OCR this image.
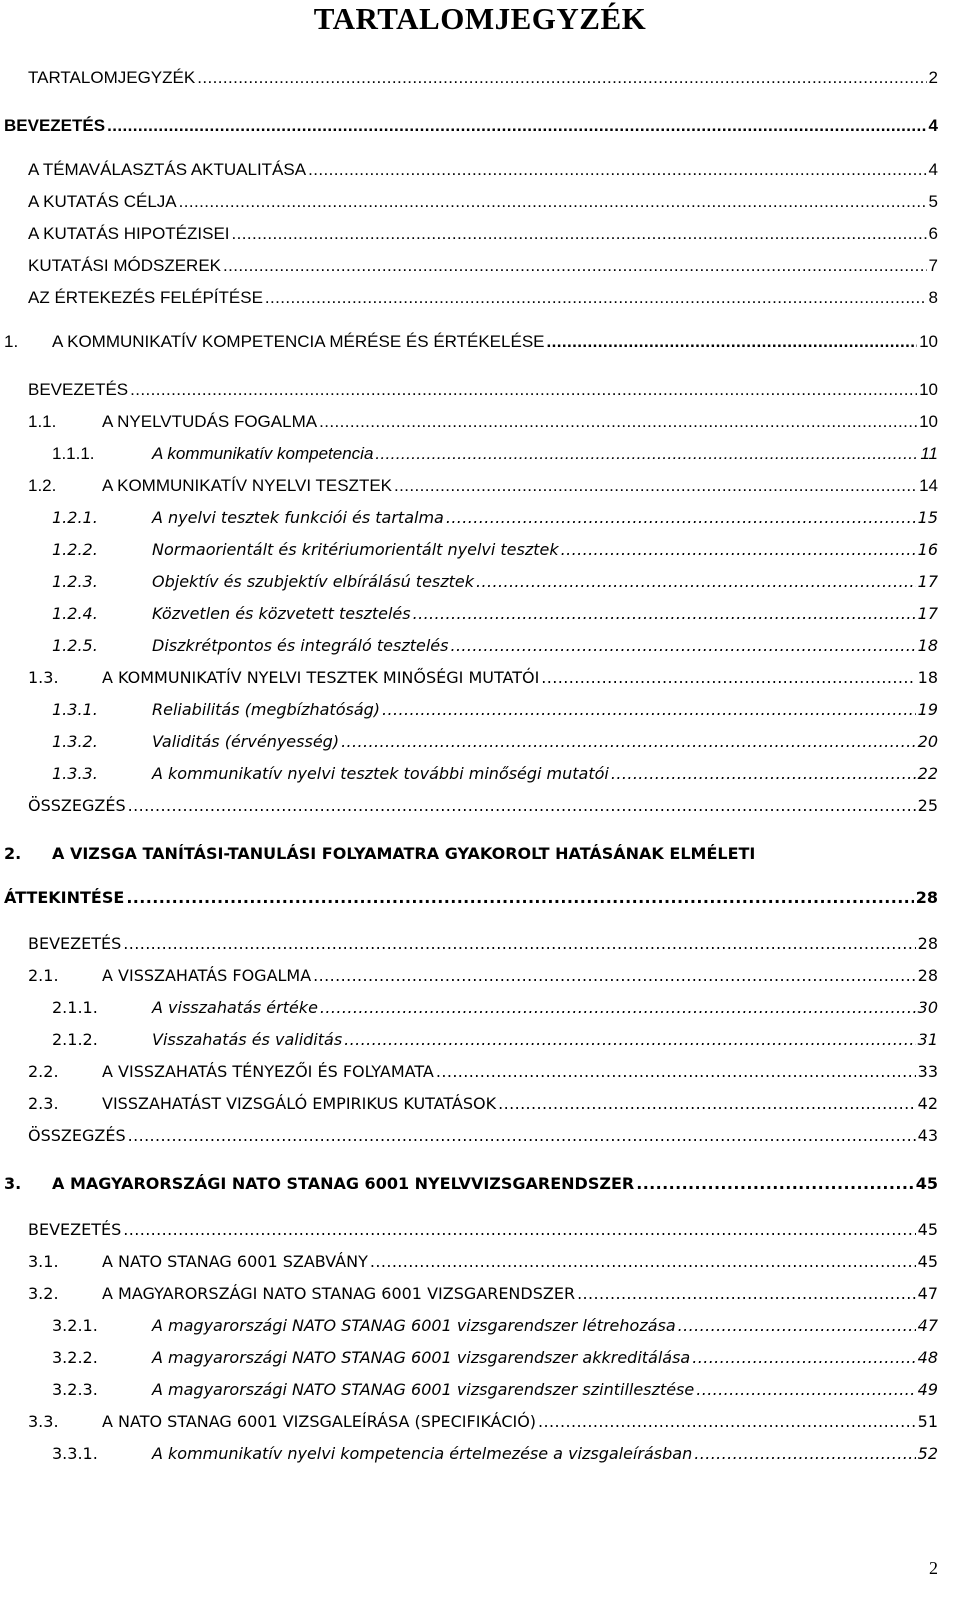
TARTALOMJEGYZÉK
TARTALOMJEGYZÉK .....	2
BEVEZETÉS .....	4
A TÉMAVÁLASZTÁS AKTUALITÁSA .....	4
A KUTATÁS CÉLJA .....	5
A KUTATÁS HIPOTÉZISEI .....	6
KUTATÁSI MÓDSZEREK .....	7
AZ ÉRTEKEZÉS FELÉPÍTÉSE .....	8
1.	A KOMMUNIKATÍV KOMPETENCIA MÉRÉSE ÉS ÉRTÉKELÉSE .....	10
BEVEZETÉS .....	10
1.1.	A NYELVTUDÁS FOGALMA .....	10
1.1.1.	A kommunikatív kompetencia .....	11
1.2.	A KOMMUNIKATÍV NYELVI TESZTEK .....	14
1.2.1.	A nyelvi tesztek funkciói és tartalma .....	15
1.2.2.	Normaorientált és kritériumorientált nyelvi tesztek .....	16
1.2.3.	Objektív és szubjektív elbírálású tesztek .....	17
1.2.4.	Közvetlen és közvetett tesztelés .....	17
1.2.5.	Diszkrétpontos és integráló tesztelés .....	18
1.3.	A KOMMUNIKATÍV NYELVI TESZTEK MINŐSÉGI MUTATÓI .....	18
1.3.1.	Reliabilitás (megbízhatóság) .....	19
1.3.2.	Validitás (érvényesség) .....	20
1.3.3.	A kommunikatív nyelvi tesztek további minőségi mutatói .....	22
ÖSSZEGZÉS .....	25
2.	A VIZSGA TANÍTÁSI-TANULÁSI FOLYAMATRA GYAKOROLT HATÁSÁNAK ELMÉLETI
ÁTTEKINTÉSE .....	28
BEVEZETÉS .....	28
2.1.	A VISSZAHATÁS FOGALMA .....	28
2.1.1.	A visszahatás értéke .....	30
2.1.2.	Visszahatás és validitás .....	31
2.2.	A VISSZAHATÁS TÉNYEZŐI ÉS FOLYAMATA .....	33
2.3.	VISSZAHATÁST VIZSGÁLÓ EMPIRIKUS KUTATÁSOK .....	42
ÖSSZEGZÉS .....	43
3.	A MAGYARORSZÁGI NATO STANAG 6001 NYELVVIZSGARENDSZER .....	45
BEVEZETÉS .....	45
3.1.	A NATO STANAG 6001 SZABVÁNY .....	45
3.2.	A MAGYARORSZÁGI NATO STANAG 6001 VIZSGARENDSZER .....	47
3.2.1.	A magyarországi NATO STANAG 6001 vizsgarendszer létrehozása .....	47
3.2.2.	A magyarországi NATO STANAG 6001 vizsgarendszer akkreditálása .....	48
3.2.3.	A magyarországi NATO STANAG 6001 vizsgarendszer szintillesztése .....	49
3.3.	A NATO STANAG 6001 VIZSGALEÍRÁSA (SPECIFIKÁCIÓ) .....	51
3.3.1.	A kommunikatív nyelvi kompetencia értelmezése a vizsgaleírásban .....	52
2
